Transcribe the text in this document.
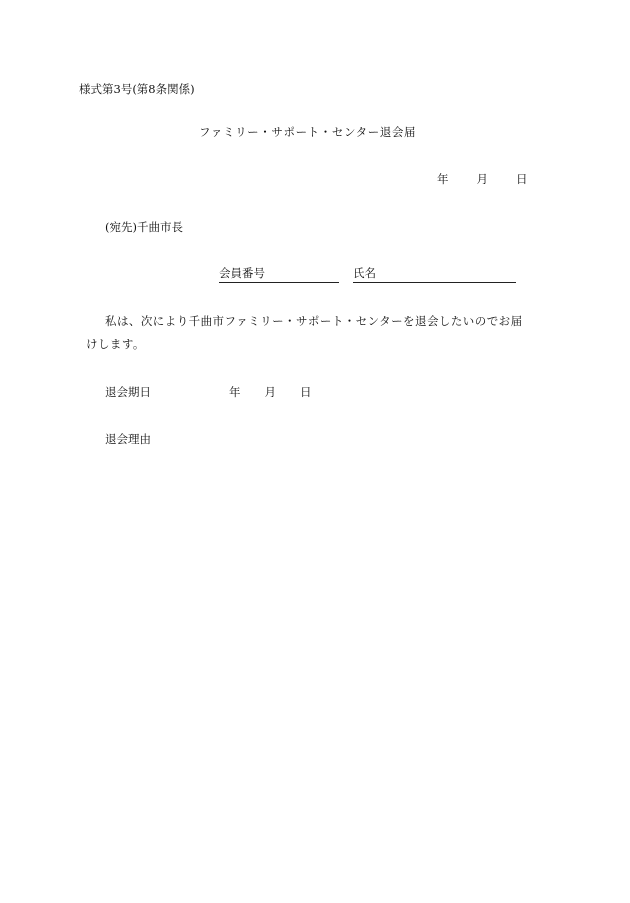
様式第3号(第8条関係)
ファミリー・サポート・センター退会届
年 月 日
(宛先)千曲市長
会員番号	氏名
私は、次により千曲市ファミリー・サポート・センターを退会したいのでお届
けします。
退会期日	年 月 日
退会理由
